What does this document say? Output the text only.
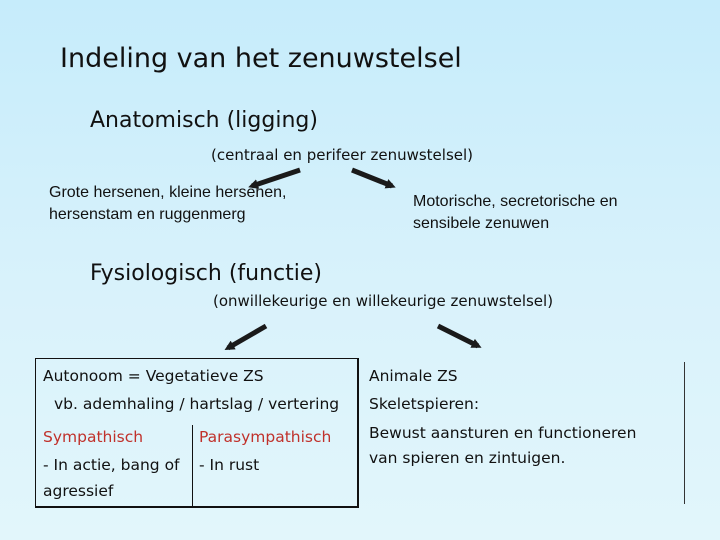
Indeling van het zenuwstelsel
Anatomisch (ligging)
(centraal en perifeer zenuwstelsel)
Grote hersenen, kleine hersenen,
hersenstam en ruggenmerg
Motorische, secretorische en
sensibele zenuwen
Fysiologisch (functie)
(onwillekeurige en willekeurige zenuwstelsel)
Autonoom = Vegetatieve ZS
vb. ademhaling / hartslag / vertering
Sympathisch
- In actie, bang of
agressief
Parasympathisch
- In rust
Animale ZS
Skeletspieren:
Bewust aansturen en functioneren
van spieren en zintuigen.
